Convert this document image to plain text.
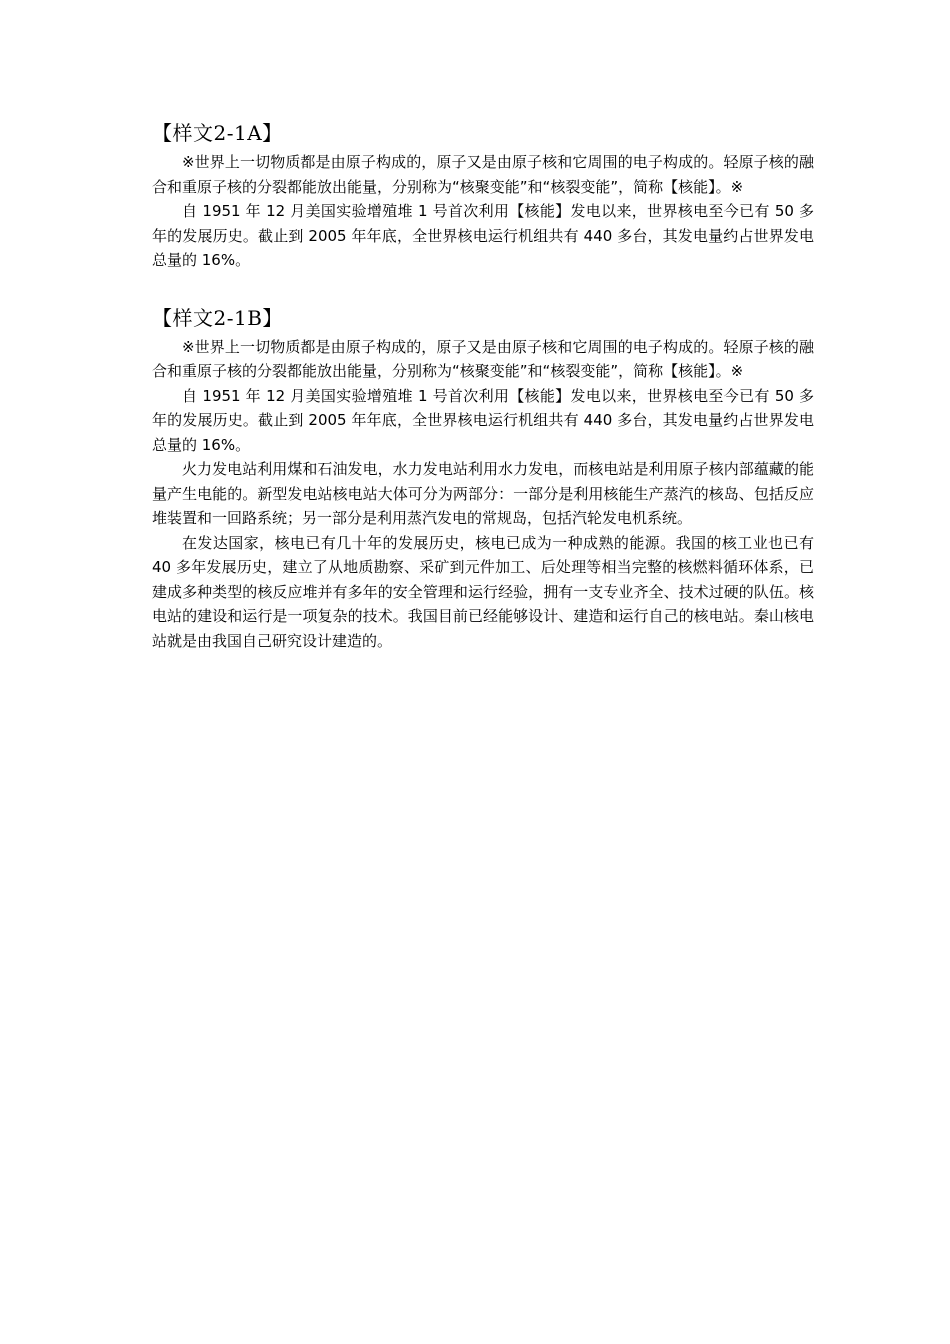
【样文2-1A】

※世界上一切物质都是由原子构成的，原子又是由原子核和它周围的电子构成的。轻原子核的融合和重原子核的分裂都能放出能量，分别称为“核聚变能”和“核裂变能”，简称【核能】。※

自 1951 年 12 月美国实验增殖堆 1 号首次利用【核能】发电以来，世界核电至今已有 50 多年的发展历史。截止到 2005 年年底，全世界核电运行机组共有 440 多台，其发电量约占世界发电总量的 16%。

【样文2-1B】

※世界上一切物质都是由原子构成的，原子又是由原子核和它周围的电子构成的。轻原子核的融合和重原子核的分裂都能放出能量，分别称为“核聚变能”和“核裂变能”，简称【核能】。※

自 1951 年 12 月美国实验增殖堆 1 号首次利用【核能】发电以来，世界核电至今已有 50 多年的发展历史。截止到 2005 年年底，全世界核电运行机组共有 440 多台，其发电量约占世界发电总量的 16%。

火力发电站利用煤和石油发电，水力发电站利用水力发电，而核电站是利用原子核内部蕴藏的能量产生电能的。新型发电站核电站大体可分为两部分：一部分是利用核能生产蒸汽的核岛、包括反应堆装置和一回路系统；另一部分是利用蒸汽发电的常规岛，包括汽轮发电机系统。

在发达国家，核电已有几十年的发展历史，核电已成为一种成熟的能源。我国的核工业也已有 40 多年发展历史，建立了从地质勘察、采矿到元件加工、后处理等相当完整的核燃料循环体系，已建成多种类型的核反应堆并有多年的安全管理和运行经验，拥有一支专业齐全、技术过硬的队伍。核电站的建设和运行是一项复杂的技术。我国目前已经能够设计、建造和运行自己的核电站。秦山核电站就是由我国自己研究设计建造的。
